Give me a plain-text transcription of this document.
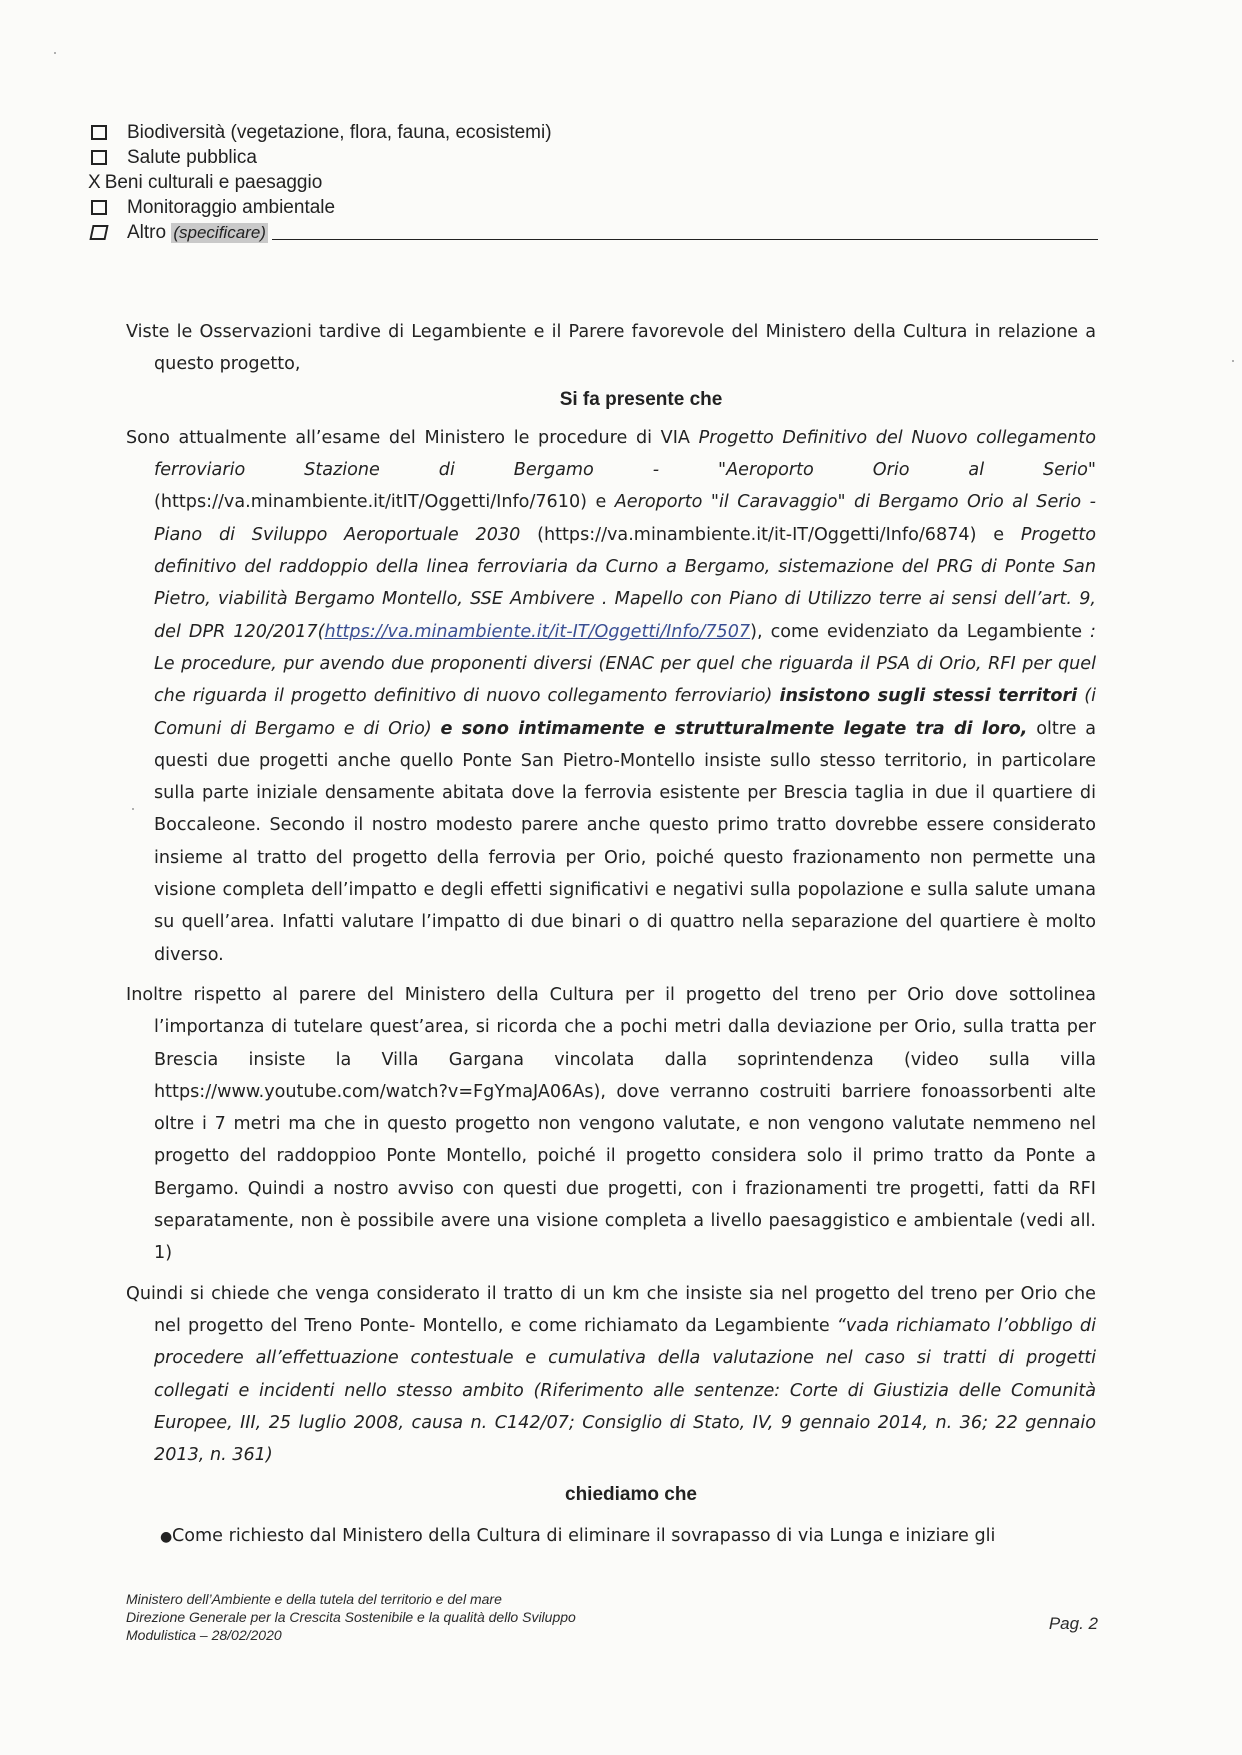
Biodiversità (vegetazione, flora, fauna, ecosistemi)
Salute pubblica
X Beni culturali e paesaggio
Monitoraggio ambientale
Altro
(specificare)

Viste le Osservazioni tardive di Legambiente e il Parere favorevole del Ministero della Cultura in relazione a questo progetto,

Si fa presente che

Sono attualmente all’esame del Ministero le procedure di VIA Progetto Definitivo del Nuovo collegamento ferroviario Stazione di Bergamo - "Aeroporto Orio al Serio" (https://va.minambiente.it/itIT/Oggetti/Info/7610) e Aeroporto "il Caravaggio" di Bergamo Orio al Serio - Piano di Sviluppo Aeroportuale 2030 (https://va.minambiente.it/it-IT/Oggetti/Info/6874) e Progetto definitivo del raddoppio della linea ferroviaria da Curno a Bergamo, sistemazione del PRG di Ponte San Pietro, viabilità Bergamo Montello, SSE Ambivere . Mapello con Piano di Utilizzo terre ai sensi dell’art. 9, del DPR 120/2017(https://va.minambiente.it/it-IT/Oggetti/Info/7507), come evidenziato da Legambiente : Le procedure, pur avendo due proponenti diversi (ENAC per quel che riguarda il PSA di Orio, RFI per quel che riguarda il progetto definitivo di nuovo collegamento ferroviario) insistono sugli stessi territori (i Comuni di Bergamo e di Orio) e sono intimamente e strutturalmente legate tra di loro, oltre a questi due progetti anche quello Ponte San Pietro-Montello insiste sullo stesso territorio, in particolare sulla parte iniziale densamente abitata dove la ferrovia esistente per Brescia taglia in due il quartiere di Boccaleone. Secondo il nostro modesto parere anche questo primo tratto dovrebbe essere considerato insieme al tratto del progetto della ferrovia per Orio, poiché questo frazionamento non permette una visione completa dell’impatto e degli effetti significativi e negativi sulla popolazione e sulla salute umana su quell’area. Infatti valutare l’impatto di due binari o di quattro nella separazione del quartiere è molto diverso.

Inoltre rispetto al parere del Ministero della Cultura per il progetto del treno per Orio dove sottolinea l’importanza di tutelare quest’area, si ricorda che a pochi metri dalla deviazione per Orio, sulla tratta per Brescia insiste la Villa Gargana vincolata dalla soprintendenza (video sulla villa https://www.youtube.com/watch?v=FgYmaJA06As), dove verranno costruiti barriere fonoassorbenti alte oltre i 7 metri ma che in questo progetto non vengono valutate, e non vengono valutate nemmeno nel progetto del raddoppioo Ponte Montello, poiché il progetto considera solo il primo tratto da Ponte a Bergamo. Quindi a nostro avviso con questi due progetti, con i frazionamenti tre progetti, fatti da RFI separatamente, non è possibile avere una visione completa a livello paesaggistico e ambientale (vedi all. 1)

Quindi si chiede che venga considerato il tratto di un km che insiste sia nel progetto del treno per Orio che nel progetto del Treno Ponte- Montello, e come richiamato da Legambiente “vada richiamato l’obbligo di procedere all’effettuazione contestuale e cumulativa della valutazione nel caso si tratti di progetti collegati e incidenti nello stesso ambito (Riferimento alle sentenze: Corte di Giustizia delle Comunità Europee, III, 25 luglio 2008, causa n. C142/07; Consiglio di Stato, IV, 9 gennaio 2014, n. 36; 22 gennaio 2013, n. 361)

chiediamo che
● Come richiesto dal Ministero della Cultura di eliminare il sovrapasso di via Lunga e iniziare gli
Ministero dell’Ambiente e della tutela del territorio e del mare
Direzione Generale per la Crescita Sostenibile e la qualità dello Sviluppo
Modulistica – 28/02/2020
Pag. 2
